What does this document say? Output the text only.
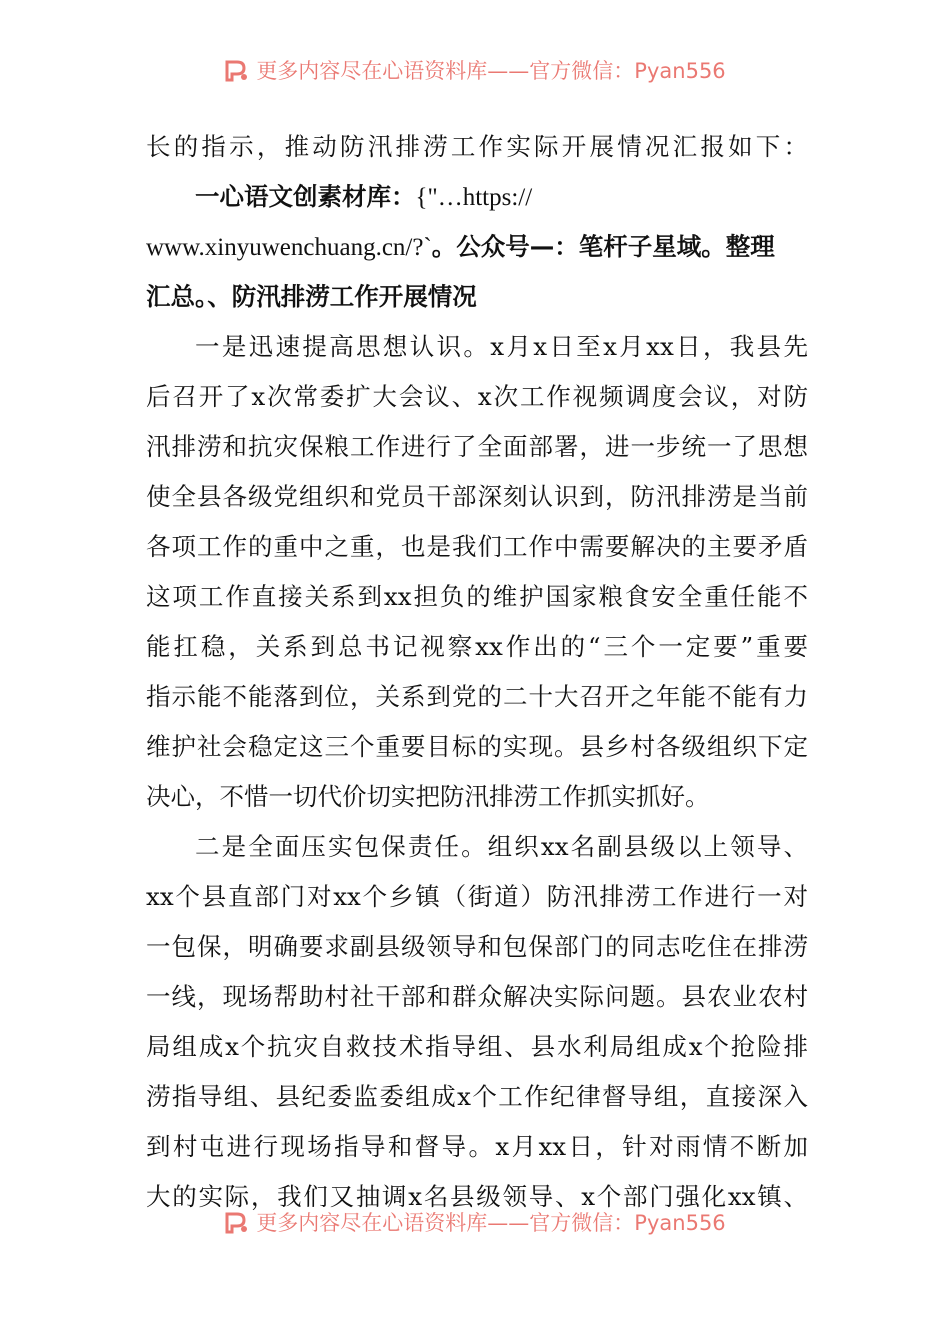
更多内容尽在心语资料库——官方微信：Pyan556
长的指示，推动防汛排涝工作实际开展情况汇报如下：
一心语文创素材库：{"…https://
www.xinyuwenchuang.cn/?`。公众号—：笔杆子星域。整理
汇总。、防汛排涝工作开展情况
一是迅速提高思想认识。x月x日至x月xx日，我县先
后召开了x次常委扩大会议、x次工作视频调度会议，对防
汛排涝和抗灾保粮工作进行了全面部署，进一步统一了思想
使全县各级党组织和党员干部深刻认识到，防汛排涝是当前
各项工作的重中之重，也是我们工作中需要解决的主要矛盾
这项工作直接关系到xx担负的维护国家粮食安全重任能不
能扛稳，关系到总书记视察xx作出的“三个一定要”重要
指示能不能落到位，关系到党的二十大召开之年能不能有力
维护社会稳定这三个重要目标的实现。县乡村各级组织下定
决心，不惜一切代价切实把防汛排涝工作抓实抓好。
二是全面压实包保责任。组织xx名副县级以上领导、
xx个县直部门对xx个乡镇（街道）防汛排涝工作进行一对
一包保，明确要求副县级领导和包保部门的同志吃住在排涝
一线，现场帮助村社干部和群众解决实际问题。县农业农村
局组成x个抗灾自救技术指导组、县水利局组成x个抢险排
涝指导组、县纪委监委组成x个工作纪律督导组，直接深入
到村屯进行现场指导和督导。x月xx日，针对雨情不断加
大的实际，我们又抽调x名县级领导、x个部门强化xx镇、
更多内容尽在心语资料库——官方微信：Pyan556
